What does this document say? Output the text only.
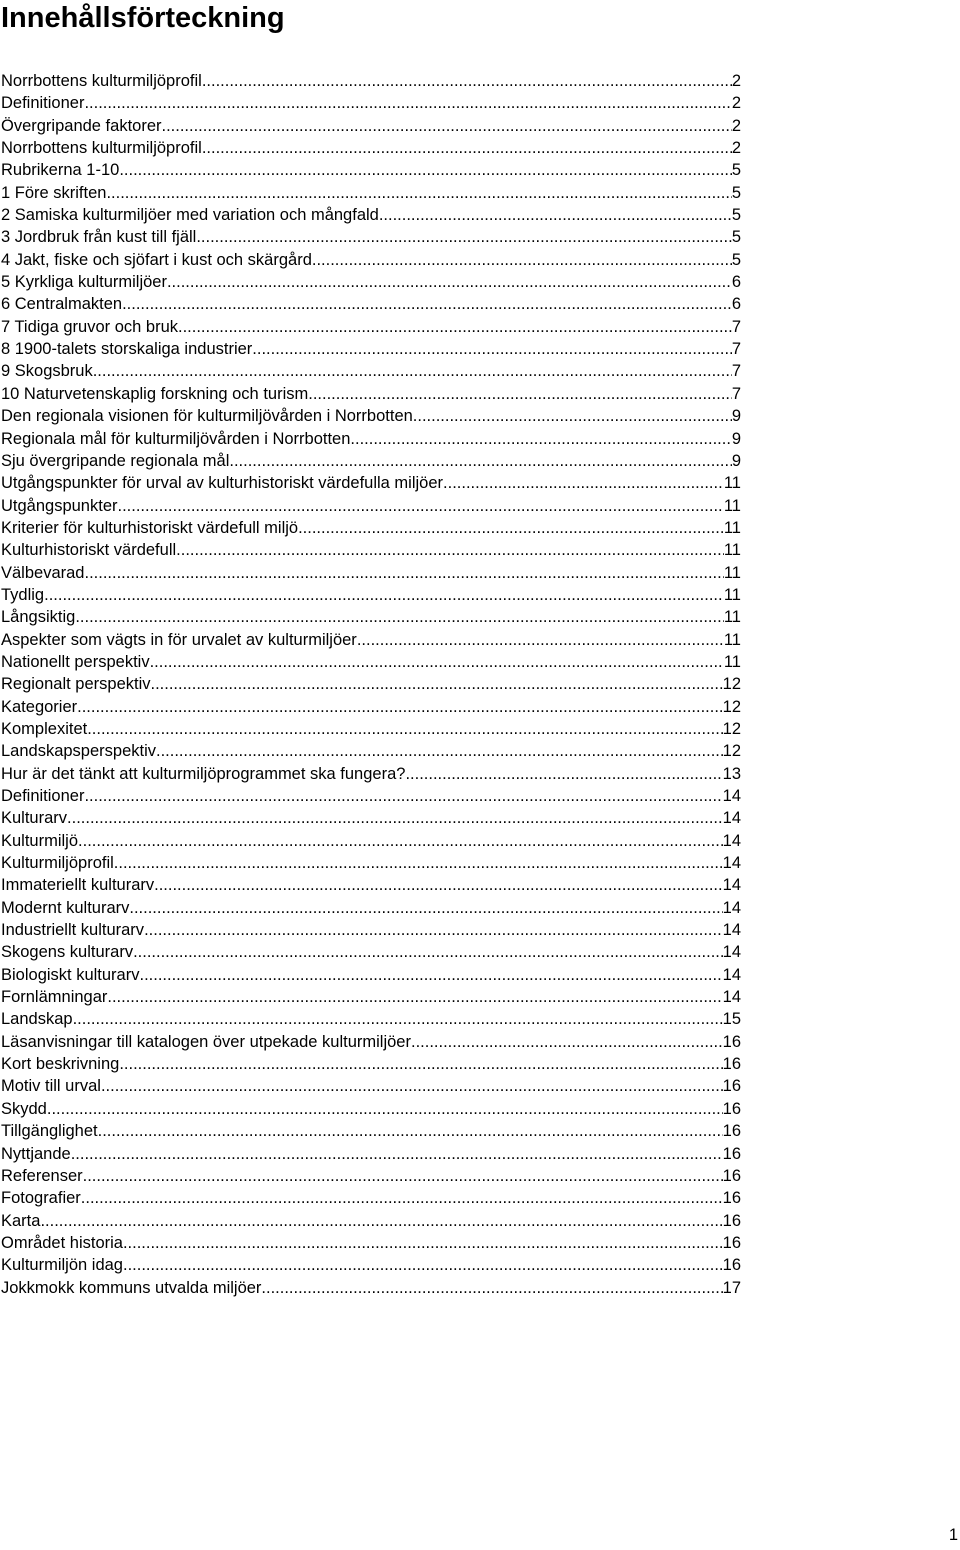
Innehållsförteckning
Norrbottens kulturmiljöprofil .....	2
Definitioner .....	2
Övergripande faktorer .....	2
Norrbottens kulturmiljöprofil .....	2
Rubrikerna 1-10 .....	5
1 Före skriften .....	5
2 Samiska kulturmiljöer med variation och mångfald .....	5
3 Jordbruk från kust till fjäll .....	5
4 Jakt, fiske och sjöfart i kust och skärgård .....	5
5 Kyrkliga kulturmiljöer .....	6
6 Centralmakten .....	6
7 Tidiga gruvor och bruk .....	7
8 1900-talets storskaliga industrier .....	7
9 Skogsbruk .....	7
10 Naturvetenskaplig forskning och turism .....	7
Den regionala visionen för kulturmiljövården i Norrbotten .....	9
Regionala mål för kulturmiljövården i Norrbotten .....	9
Sju övergripande regionala mål .....	9
Utgångspunkter för urval av kulturhistoriskt värdefulla miljöer .....	11
Utgångspunkter .....	11
Kriterier för kulturhistoriskt värdefull miljö .....	11
Kulturhistoriskt värdefull .....	11
Välbevarad .....	11
Tydlig .....	11
Långsiktig .....	11
Aspekter som vägts in för urvalet av kulturmiljöer .....	11
Nationellt perspektiv .....	11
Regionalt perspektiv .....	12
Kategorier .....	12
Komplexitet .....	12
Landskapsperspektiv .....	12
Hur är det tänkt att kulturmiljöprogrammet ska fungera? .....	13
Definitioner .....	14
Kulturarv .....	14
Kulturmiljö .....	14
Kulturmiljöprofil .....	14
Immateriellt kulturarv .....	14
Modernt kulturarv .....	14
Industriellt kulturarv .....	14
Skogens kulturarv .....	14
Biologiskt kulturarv .....	14
Fornlämningar .....	14
Landskap .....	15
Läsanvisningar till katalogen över utpekade kulturmiljöer .....	16
Kort beskrivning .....	16
Motiv till urval .....	16
Skydd .....	16
Tillgänglighet .....	16
Nyttjande .....	16
Referenser .....	16
Fotografier .....	16
Karta .....	16
Området historia .....	16
Kulturmiljön idag .....	16
Jokkmokk kommuns utvalda miljöer .....	17
1
